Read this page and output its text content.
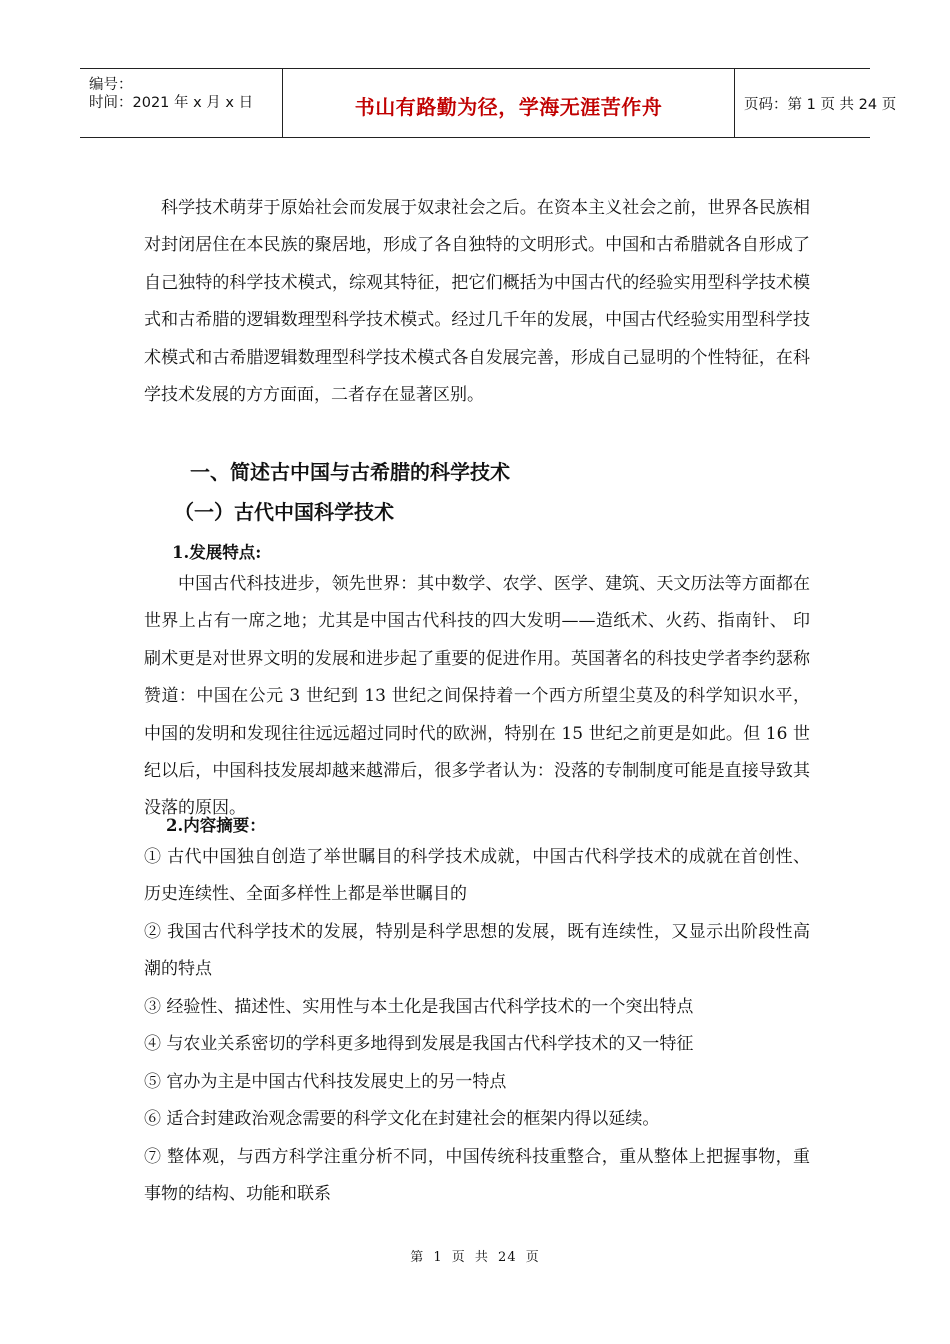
编号：
时间：2021 年 x 月 x 日	书山有路勤为径，学海无涯苦作舟	页码：第 1 页 共 24 页
科学技术萌芽于原始社会而发展于奴隶社会之后。在资本主义社会之前，世界各民族相对封闭居住在本民族的聚居地，形成了各自独特的文明形式。中国和古希腊就各自形成了自己独特的科学技术模式，综观其特征，把它们概括为中国古代的经验实用型科学技术模式和古希腊的逻辑数理型科学技术模式。经过几千年的发展，中国古代经验实用型科学技术模式和古希腊逻辑数理型科学技术模式各自发展完善，形成自己显明的个性特征，在科学技术发展的方方面面，二者存在显著区别。
一、简述古中国与古希腊的科学技术
（一）古代中国科学技术
1.发展特点:
中国古代科技进步，领先世界：其中数学、农学、医学、建筑、天文历法等方面都在世界上占有一席之地；尤其是中国古代科技的四大发明——造纸术、火药、指南针、 印刷术更是对世界文明的发展和进步起了重要的促进作用。英国著名的科技史学者李约瑟称赞道：中国在公元 3 世纪到 13 世纪之间保持着一个西方所望尘莫及的科学知识水平，中国的发明和发现往往远远超过同时代的欧洲，特别在 15 世纪之前更是如此。但 16 世纪以后，中国科技发展却越来越滞后，很多学者认为：没落的专制制度可能是直接导致其没落的原因。
2.内容摘要：
① 古代中国独自创造了举世瞩目的科学技术成就，中国古代科学技术的成就在首创性、历史连续性、全面多样性上都是举世瞩目的
② 我国古代科学技术的发展，特别是科学思想的发展，既有连续性，又显示出阶段性高潮的特点
③ 经验性、描述性、实用性与本土化是我国古代科学技术的一个突出特点
④ 与农业关系密切的学科更多地得到发展是我国古代科学技术的又一特征
⑤ 官办为主是中国古代科技发展史上的另一特点
⑥ 适合封建政治观念需要的科学文化在封建社会的框架内得以延续。
⑦ 整体观，与西方科学注重分析不同，中国传统科技重整合，重从整体上把握事物，重事物的结构、功能和联系
第 1 页 共 24 页
